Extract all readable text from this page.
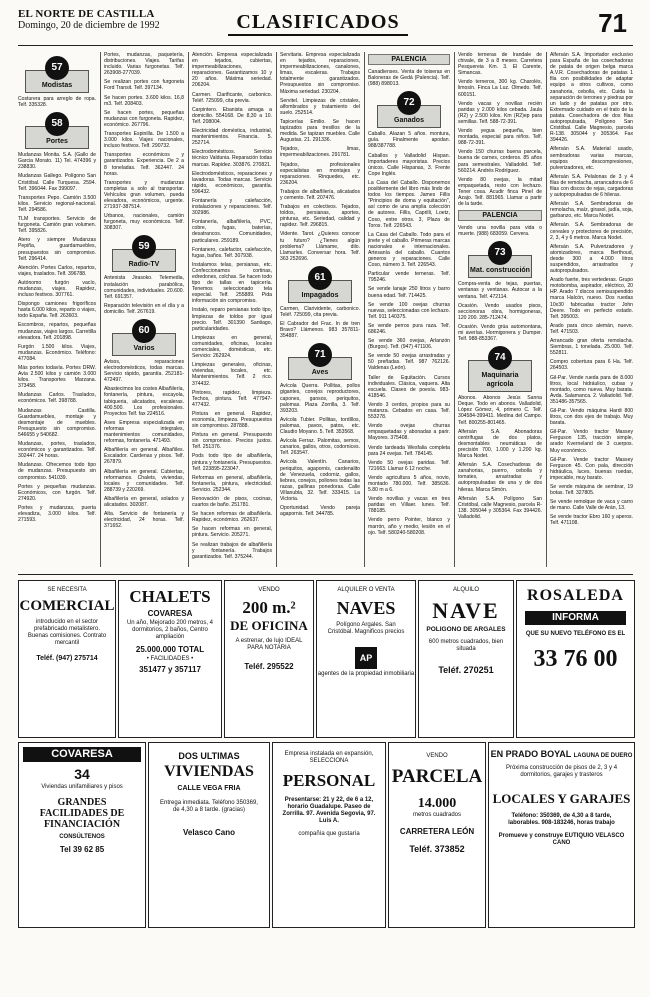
EL NORTE DE CASTILLA
Domingo, 20 de diciembre de 1992	CLASIFICADOS	71
57
Modistas

Costurera para arreglo de ropa. Telf. 335328.

58
Portes

Mudanzas Monita. S.A. (Gallo de Garcia Morato. 11) Tel. 474396 y 238830.

Mudanzas Gallego. Polígono San Cristóbal. Calle Turquesa. 2594. Telf. 396044. Fax 399097.

Transportes Pepo. Camión 3.500 kilos. Servicio regional-nacional. Telf. 294586.

TLM transportes. Servicio de furgoneta. Camión gran volumen. Telf. 395826.

Atero y siempre Mudanzas Pepiña, guardamuebles, presupuestos sin compromiso. Telf. 296414.

Atención. Portes Carlos, repartos, viajes, traslados. Telf. 396788.

Autónomo furgón vacío, mudanzas, viajes. Rapidez, incluso festivos. 307761.

Dispongo camiones frigoríficos hasta 6.000 kilos, reparto o viajes, todo España. Telf. 263603.

Escombros, repartos, pequeñas mudanzas, viajes largos. Carretilla elevadora. Telf. 201898.

Furgón 1.500 kilos. Viajes, mudanzas. Económico. Teléfono: 477084.

Más portes todavía. Portes DRW. Avia 2.500 kilos y camión 3.000 kilos. Transportes Marzana. 373458.

Mudanzas Carlos. Traslados, económicos. Telf. 398788.

Mudanzas Castilla. Guardamuebles, montaje y desmontaje de muebles. Presupuesto sin compromiso. 546655 y 540682.

Mudanzas, portes, traslados, económicos y garantizados. Telf. 302447. 24 horas.

Mudanzas. Ofrecemos todo tipo de mudanzas. Presupuesto sin compromiso. 541039.

Portes y pequeñas mudanzas. Económicos, con furgón. Telf. 274920.

Portes y mudanzas, puerta elevadiza, 3.000 kilos. Telf. 271593.

Portes, mudanzas, paquetería, distribuciones. Viajes. Tarifas incluido. Varias furgonetas. Telf. 263908-277039.

Se realizan portes con furgoneta Ford Transit. Telf. 397134.

Se hacen portes. 3.600 kilos. 16,8 m3. Telf. 208403.

Se hacen portes, pequeñas mudanzas con furgoneta. Rapidez, económico. 267796.

Transportes Espinilla. De 1.500 a 3.000 kilos. Viajes nacionales, incluso festivos. Telf. 290732.

Transportes económicos y garantizados. Experiencia. De 2 a 8 toneladas. Telf. 362447. 24 horas.

Transportes y mudanzas completas a solo al transportar. Vehículos gran volumen, pueda elevadora, económicos, urgente. 271937-387514.

Urbanos, nacionales, camión furgoneta, muy económicos. Telf. 308307.

59
Radio-TV

Antenista Jirasoko. Telemedia, instalación parabólica, comunidades, individuales. 20.600. Telf. 691357.

Reparación televisión en el día y a domicilio. Telf. 267619.

60
Varios

Avisos, reparaciones electrodomésticos, todas marcas. Servicio rápido, garantía. 252181-472497.

Abastecimos los costes Albañilería, fontanería, pintura, escayola, tabiqueria, alicatados, escaleras. 400.500. Los profesionales. Proyectos Telf. fax 224516.

Ases Empresa especializada en reformas integrales, mantenimientos comunidades, reformas, fontanería. 471493.

Albañilería en general. Albañiles. Escalador. Cardenas y pisos. Telf. 267879.

Albañilería en general. Cubiertas, reformamos. Chalets, viviendas, locales y comunidades. Telf. 288739 y 220269.

Albañilería en general, solados y alicatados. 302087.

Alta. Servicio de fontanería y electricidad, 24 horas. Telf. 371652.

Atención. Empresa especializada en tejados, cubiertas, impermeabilizaciones, reparaciones. Garantizamos 10 y 20 años. Máxima seriedad. 206204.

Carmen. Clarificante, carbonico. Teléf. 725099, cita previa.

Carpintero. Ebanista amaga a domicilio. 554168. De 8,30 a 10. Telf. 208004.

Electricidad doméstica, industrial, mantenimientos. Financia. 5. 252714.

Electrodomésticos. Servicio técnico Valdunia. Reparación todas marcas. Rapidez. 303876. 270821.

Electrodomésticos, reparaciones y lavadoras. Todas marcas. Servicio rápido, económicos, garantía. 596432.

Fontanería y calefacción, instalaciones y reparaciones. Telf. 302986.

Fontanería, albañilería, PVC, cobre, fugas, baterías, desatrancos. Comunidades, particulares. 259189.

Fontanero, calefactor, calefacción, fugas, baños. Telf. 307938.

Instalamos telas, persianas, etc. Confeccionamos cortinas, edredones, colchas. Se hacen todo tipo de tallas en tapicería. Tenemos seleccionado tela especial. Telf. 255889. Pida información sin compromiso.

Instalo, reparo persianas todo tipo, limpiezas de toldos por igual precio. Telf. 301390 Santiago, particularidades.

Limpiezas en general, comunidades, oficinas, locales comerciales, domésticas, etc. Servicio: 262924.

Limpiezas generales, oficinas, viviendas, locales, etc. Mantenimientos. Telf. 2 rico. 374432.

Pintores, rapidez, limpieza. Techos, pintura. Telf. 477947-477432.

Pintura en general. Rapidez, economía, limpieza. Presupuestos sin compromiso. 287888.

Pintura en general. Presupuesto sin compromiso. Precios justos. Telf. 251376.

Pods todo tipo de albañilería, pintura y fontanería. Presupuestos. Telf. 223895-223047.

Reformas en general, albañilería, fontanería, pintura, electricidad. Servicio. 252344.

Renovación de pisos, cocinas, cuartos de baño. 251781.

Se hacen reformas de albañilería. Rapidez, económico. 262637.

Se hacen reformas en general, pintura. Servicio. 205271.

Se realizan trabajos de albañilería y fontanería. Trabajos garantizados. Telf. 375244.

Servitaria. Empresa especializada en tejados, reparaciones, impermeabilizaciones, canalones, limas, escaleras. Trabajos totalmente garantizados. Presupuestos sin compromiso. Máxima seriedad. 230204.

Servitel. Limpiezas de cristales, alfombrados y tratamiento del suelo. 252514.

Tapicerías Emilio. Se hacen tapizados para tresillos de la medida. Se tapizan muebles. Calle Augustas. 21. 291336.

Tejados, limas, impermeabilizaciones. 291781.

Tejados, profesionales especialistas en montajes y reparaciones. Rinquedes, etc. 236204.

Trabajos de albañilería, alicatados y cemento. Telf. 207476.

Trabajos en colectivos. Tejados, toldos, persianas, aportes, pinturas, etc. Seriedad, calidad y rapidez. Telf. 296815.

Vidente. Tarot. ¿Quieres conocer tu futuro? ¿Tienes algún problema? Llámame, dilo. Llamarles. Conversar hora. Telf. 363 252696.

61
Impagados

Carmen, Clarividente, carbonico. Teléf. 725099, cita previa.

El Cabrador del Frac. In de tren Bravo? Llámenos. 983 357811-354887.

71
Aves

Avícola Querra. Pollitas, pollos gigantes, conejos reproductores, capones, gansos, periquitos, palomas. Plaza Zorrilla, 3. Telf. 393203.

Avícola Tubier. Pollitas, tordíllos, palomas, pavos, patos, etc. Claudio Moyano. 5. Telf. 353568.

Avícola Ferraz. Palomitas, semos, canarios, gallos, otros, codornices. Telf. 263547.

Avícola Valentín. Canarios, periquitos, agapornis, cardenalito de Venezuela, codorniz, gallos, liebres, conejos, pollones todas las razas, gallinas ponedoras. Calle Villanubla, 32. Telf. 333415. La Victoria.

Oportunidad. Vendo pareja agapornis. Telf. 344785.

PALENCIA

Canadienses. Venta de toiseras en Baloneras de Gedá (Palencia). Telf. (988) 898013.

72
Ganados

Caballo. Alazan 5 años. montura, guía. Finalmente apodan. 988/387788.

Caballos y Valladolid Hispan. Importaderes mayoristas. Precios únicos. Calle Hispanas, 3. Frente Cope Inglés.

La Casa del Caballo. Disponemos posiblemente del libro más lindo de todos los tiempos. James Fillis "Principios de doma y equitación", así como de una amplia colección de autores. Fillis, Caprilli, Loetz, Coso, entre otros. 3, Plaza de Toros. Telf. 226543.

La Casa del Caballo. Todo para el jinete y el caballo. Primeras marcas nacionales e internacionales. Artesanía del caballo. Cuantos generos y reparaciones. Calle Coso, número 3. Telf. 226543.

Particular vende terneras. Telf. 795246.

Se vende lanaje 250 litros y barro buena edad. Telf. 714425.

Se vende 100 ovejas churras nuevas, seleccionadas con lechazo. Telf. 911 140375.

Se vende perros pura raza. Telf. 686246.

Se vende 360 ovejas, Arlanzón (Burgos). Telf. (947) 471106.

Se vende 50 ovejas arrastradas y 50 preñadas. Telf. 987 762126. Valdenas (León).

Taller de Equitación. Cursos individuales. Clásica, vaquera. Alta escuela. Clases de poesía. 983-418546.

Vendo 3 cerdos, propios para su matanza. Cebados en casa. Telf. 553278.

Vendo ovejas churras empaquetadas y abonadas a parir. Mayores. 375408.

Vendo tardeada Wesfalia completa para 24 ovejas. Telf. 784145.

Vendo 50 ovejas paridas. Telf. 721663. Llamar 6 12 noche.

Vendo agricultura 5 años, novio, montado 780.000. Telf. 385636. 5.80 m a 6.

Vendo novillas y vacas en tres paridas en Villaer. lunes. Telf. 788185.

Vendo perro Pointer, blanco y marrón, año y medio, lesión en el ojo. Telf. 580240-580208.

Vendo terneras de Irandale de chivale, de 3 a 8 meses. Carretera Pesquereia Km. 3. El Carente, Simancas.

Vendo terneros, 300 kg. Charolés, limosín. Finca La Luz. Olmedo. Telf. 600151.

Vendo vacas y novillas recién paridas y 2.000 kilos cebada. Jaula (R2) y 2.500 kilos. Km (R2)ep para semillas. Telf. 588-72-391.

Vendo yegua pequeña, bien montada, especial para niños. Telf. 988-72-391.

Vendo 150 churras buena parcela, buena de carnes, corderos. 85 años para semestrales. Valladolid. Telf. 560214. Andrés Rodríguez.

Vendo 80 ovejas, la mitad empaquetada, resto con lechazo. Tener cosa. Acudir finca Pinel de Azajo. Telf. 881965. Llamar a partir de la tarde.

PALENCIA

Vendo una novilla para vida o muerte. (988) 683059. Cervera.

73
Mat. construcción

Compra-venta de tejas, puertas, ventanas y ventanas. Autocar a la ventana. Telf. 472114.

Ocasión. Vendo usados pisos, seccionoras obra, hormigoneras, 120 200. 285-712474.

Ocasión. Vendo grúa automontana, mi averías. Hormigonera y Dumper. Telf. 988-853367.

74
Maquinaria agrícola

Abonos. Abonos Jesús Sanna Deque. Todo en abonos. Valladolid, López Gómez, 4, primero C. Telf. 304584-399411. Medina del Campo. Telf. 800255-801465.

Alfersán S.A. Abonadoras centrífugas de dos platos, desmontables neumáticas de precisión 700, 1.000 y 1.200 kg. Marca Nodet.

Alfersán S.A. Cosechadoras de zanahorias, puerro, cebolla y tomates, arrastradas y autopropulsadas de una y de dos hileras. Marca Simón.

Alfersán S.A. Polígono San Cristóbal, calle Magnesio, parcela R-138. 305044 y 305364. Fax 394426. Valladolid.

Alfersán S.A. Importador exclusivo para España de las cosechadoras de patata de origen belga marca A.V.R. Cosechadoras de patatas 1 fila con posibilidades de adaptar equipo a otros cultivos, como zanahoria, cebolla, etc. Cuida la separación de terrones y piedras por un lado y de patatas por otro. Extremado cuidado en el trato de la patata. Cosechadora de dos filas autopropulsada, Polígono San Cristóbal. Calle Magnesio, parcela R-138. 305044 y 305364. Fax 394426.

Alfersán S.A. Material usado, sembradoras varias marcas, equipos descompresiones, pulverizadores, etc.

Alfersán S.A. Pelalonas de 3 y 4 filas de remolacha, arrancadora de 6 filas con discos de rejas, cargadoras y autopropulsadas de 6 hileras.

Alfersán S.A. Sembradoras de remolacha, maíz, girasol, judía, soja, garbanzo, etc. Marca Nodet.

Alfersán S.A. Sembradoras de cereales y protectores de precisión, 2, 3, 4 y 6 metros. Marca Nodet.

Alfersán S.A. Pulverizadores y atomizadores, marca Berthoud, desde 300 a 4.000 litros suspendidos, arrastrados y autopropulsados.

Arado fuerte, tres vertederas. Grupo motobomba, aspirador, eléctrico, 20 HP. Arado 7 discos semisuspendido marca Halcón, nuevo. Dos ruedas 10x30 fabricadas tractor John Deere. Todo en perfecto estado. Telf. 395003.

Arado para cinco alemán, nuevo. Telf. 471503.

Arrancado gran oferta remolacha. Siembras, 1 tonelada. 25.000. Telf. 552811.

Compro cobertura para 6 Ha. Telf. 264503.

Gil-Par. Vende rueda para de 8.000 litros, local hidráulico, cubas y montado, como nueva. Muy barata. Avda. Salamanca. 2. Valladolid. Telf. 351486-357565.

Gil-Par. Vendo máquina Hardi 800 litros, con dos ejes de trabajo. Muy barata.

Gil-Par. Vendo tractor Massey Ferguson 135, tracción simple, arado Kverneland de 3 cuerpos. Muy económico.

Gil-Par. Vende tractor Massey Ferguson 45. Con pala, dirección hidráulica, luces, buenas ruedas, impecable, muy barato.

Se vende máquina de sembrar, 19 botas. Telf. 327805.

Se vende remolque de vaca y carro de mano. Calle Valle de Arán, 13.

Se vende tractor Ebro 160 y aperos. Telf. 471108.

SE NECESITA
COMERCIAL
introducido en el sector prefabricado metalistero. Buenas comisiones. Contrato mercantil
Teléf. (947) 275714
CHALETS
COVARESA
Un año, Mejorado 200 metros, 4 dormitorios, 2 baños, Centro ampliación
25.000.000 TOTAL
• FACILIDADES •
351477 y 357117
VENDO
200 m.²
DE OFICINA
A estrenar, de lujo IDEAL PARA NOTARIA
Teléf. 295522
ALQUILER O VENTA
NAVES
Polígono Argales. San Cristóbal. Magnificos precios
AP
agentes de la propiedad inmobiliaria
ALQUILO
NAVE
POLIGONO DE ARGALES
600 metros cuadrados, bien situada
Teléf. 270251
ROSALEDA
INFORMA
QUE SU NUEVO TELÉFONO ES EL
33 76 00
COVARESA
34
Viviendas unifamiliares y pisos
GRANDES FACILIDADES DE FINANCIACIÓN
CONSÚLTENOS
Tel 39 62 85
DOS ULTIMAS
VIVIENDAS
CALLE VEGA FRIA
Entrega inmediata. Teléfono 350369, de 4,30 a 8 tarde. (gracias)
Velasco Cano
Empresa instalada en expansión, SELECCIONA
PERSONAL
Presentarse: 21 y 22, de 6 a 12, horario Guadalupe. Paseo de Zorrilla. 97. Avenida Segovia, 97. Luis A.
compañía que gustaría
VENDO
PARCELA
14.000
metros cuadrados
CARRETERA LEÓN
Teléf. 373852
EN PRADO BOYAL LAGUNA DE DUERO
Próxima construcción de pisos de 2, 3 y 4 dormitorios, garajes y trasteros
LOCALES Y GARAJES
Teléfono: 350369, de 4,30 a 8 tarde, laborables. 908-183246, horas trabajo
Promueve y construye EUTIQUIO VELASCO CANO
